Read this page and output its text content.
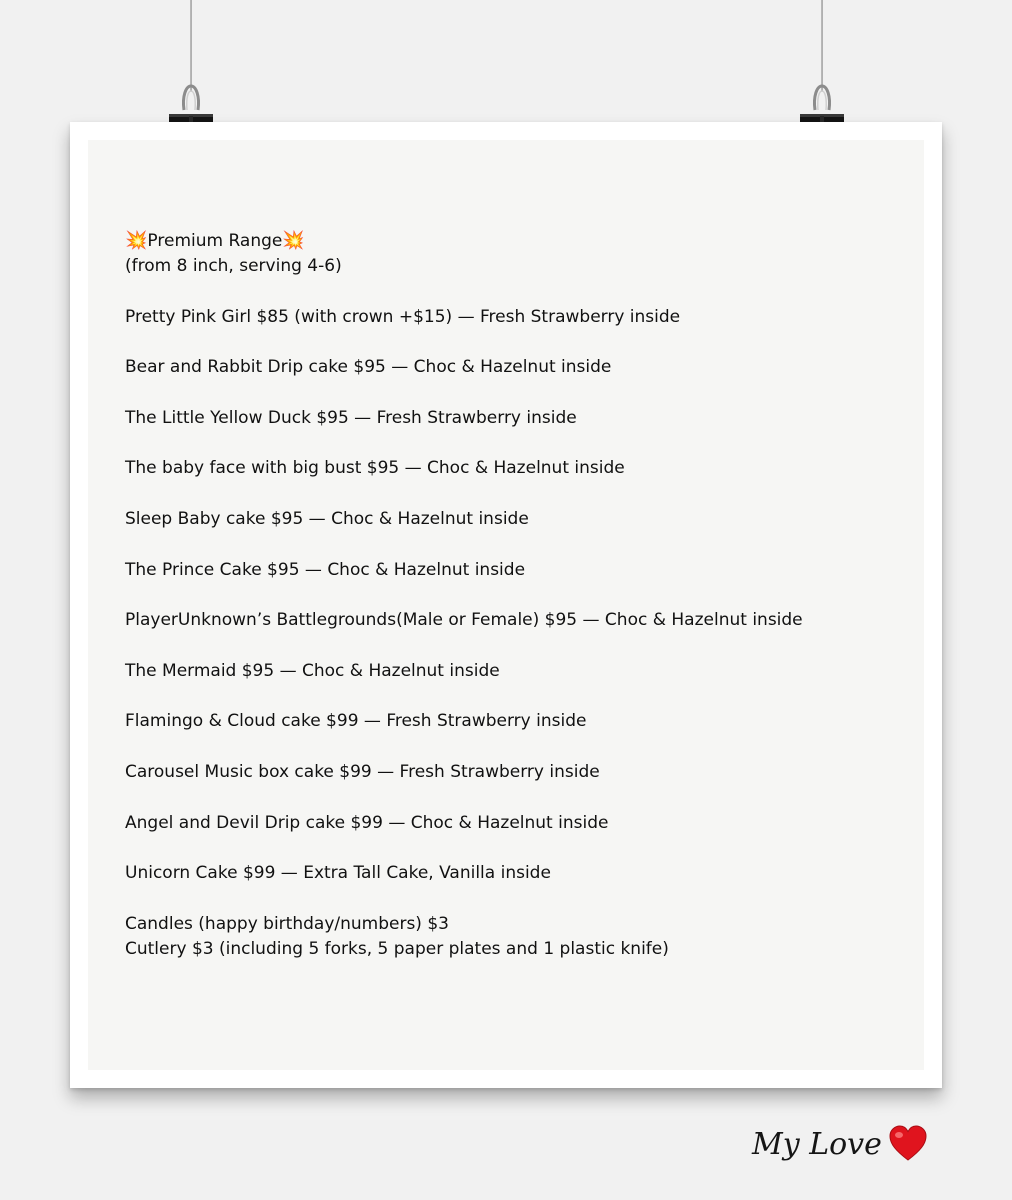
💥Premium Range💥

(from 8 inch, serving 4-6)

Pretty Pink Girl $85 (with crown +$15) — Fresh Strawberry inside

Bear and Rabbit Drip cake $95 — Choc & Hazelnut inside

The Little Yellow Duck $95 — Fresh Strawberry inside

The baby face with big bust $95 — Choc & Hazelnut inside

Sleep Baby cake $95 — Choc & Hazelnut inside

The Prince Cake $95 — Choc & Hazelnut inside

PlayerUnknown’s Battlegrounds(Male or Female) $95 — Choc & Hazelnut inside

The Mermaid $95 — Choc & Hazelnut inside

Flamingo & Cloud cake $99 — Fresh Strawberry inside

Carousel Music box cake $99 — Fresh Strawberry inside

Angel and Devil Drip cake $99 — Choc & Hazelnut inside

Unicorn Cake $99 — Extra Tall Cake, Vanilla inside

Candles (happy birthday/numbers) $3

Cutlery $3 (including 5 forks, 5 paper plates and 1 plastic knife)

My Love
